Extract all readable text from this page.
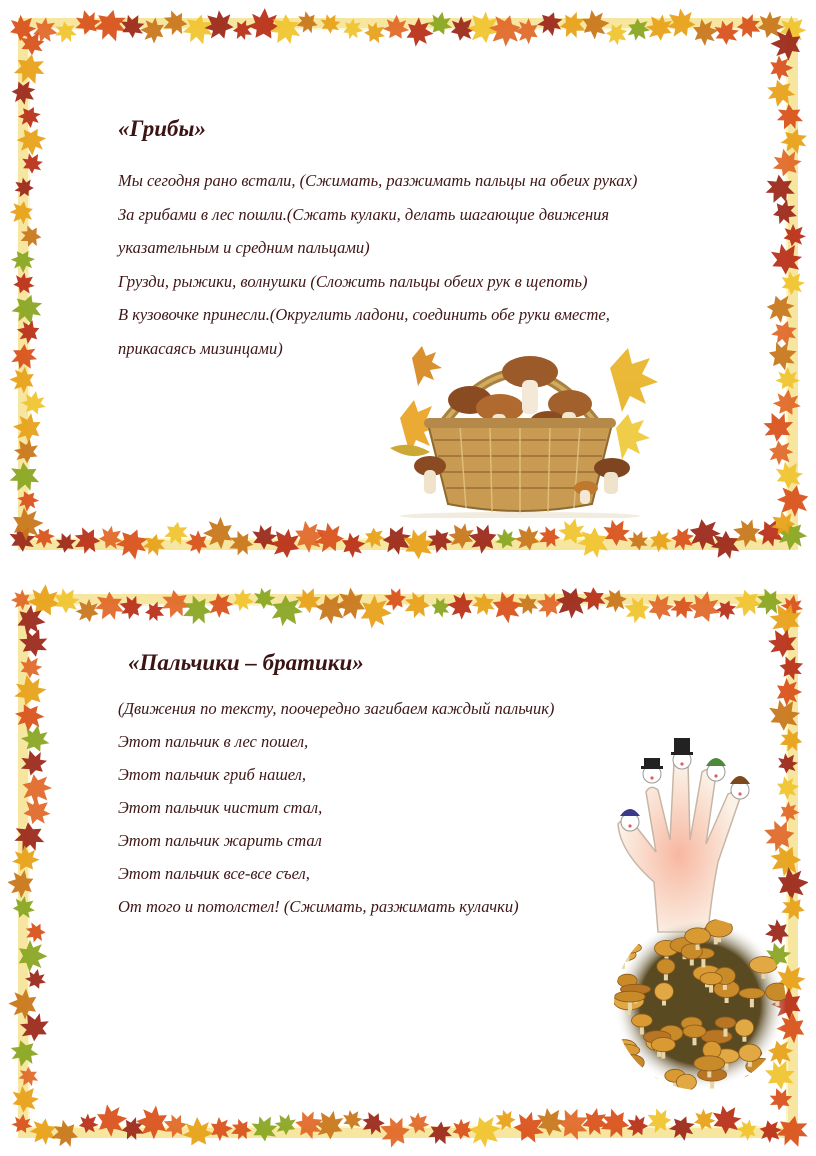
«Грибы»
Мы сегодня рано встали, (Сжимать, разжимать пальцы на обеих руках)
За грибами в лес пошли.(Сжать кулаки, делать шагающие движения
указательным и средним пальцами)
Грузди, рыжики, волнушки (Сложить пальцы обеих рук в щепоть)
В кузовочке принесли.(Округлить ладони, соединить обе руки вместе,
прикасаясь мизинцами)
«Пальчики – братики»
(Движения по тексту, поочередно загибаем каждый пальчик)
Этот пальчик в лес пошел,
Этот пальчик гриб нашел,
Этот пальчик чистит стал,
Этот пальчик жарить стал
Этот пальчик все-все съел,
От того и потолстел! (Сжимать, разжимать кулачки)
